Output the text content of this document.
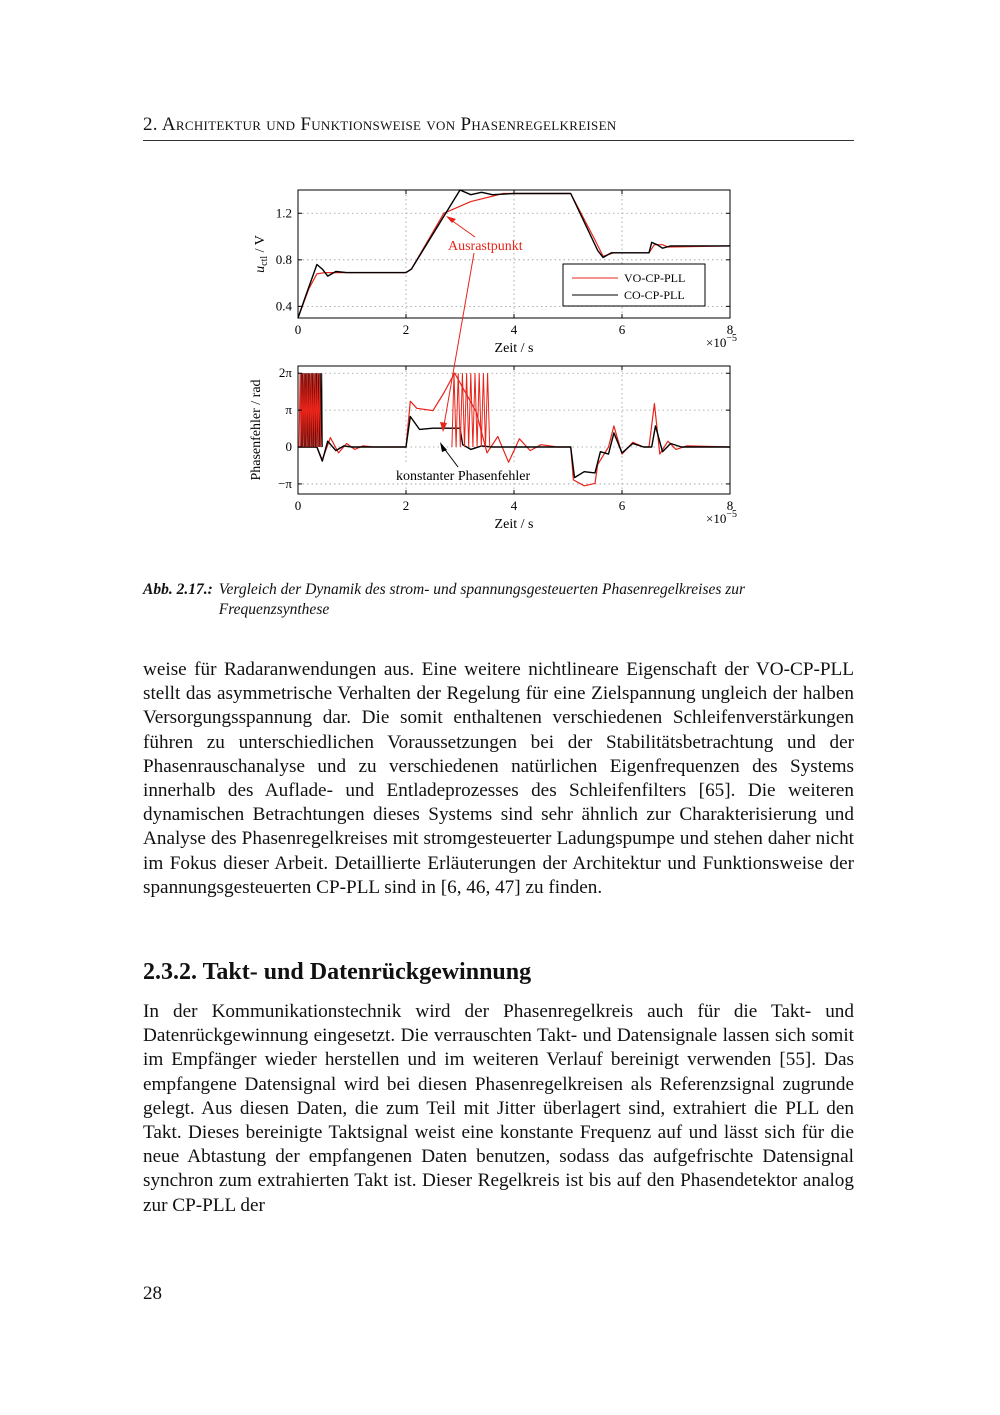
2. Architektur und Funktionsweise von Phasenregelkreisen
0	2	4	6	8
0.4
0.8
1.2
$u_{ctl}$ / V
Zeit / s	$\times 10^{-5}$
VO-CP-PLL
CO-CP-PLL
Ausrastpunkt
0	2	4	6	8
−π
0
π
2π
Phasenfehler / rad
Zeit / s	$\times 10^{-5}$
konstanter Phasenfehler
Abb. 2.17.: Vergleich der Dynamik des strom- und spannungsgesteuerten Phasenregelkreises zur Frequenzsynthese

weise für Radaranwendungen aus. Eine weitere nichtlineare Eigenschaft der VO-CP-PLL stellt das asymmetrische Verhalten der Regelung für eine Zielspannung ungleich der halben Versorgungsspannung dar. Die somit enthaltenen verschiedenen Schleifenverstärkungen führen zu unterschiedlichen Voraussetzungen bei der Stabilitätsbetrachtung und der Phasenrauschanalyse und zu verschiedenen natürlichen Eigenfrequenzen des Systems innerhalb des Auflade- und Entladeprozesses des Schleifenfilters [65]. Die weiteren dynamischen Betrachtungen dieses Systems sind sehr ähnlich zur Charakterisierung und Analyse des Phasenregelkreises mit stromgesteuerter Ladungspumpe und stehen daher nicht im Fokus dieser Arbeit. Detaillierte Erläuterungen der Architektur und Funktionsweise der spannungsgesteuerten CP-PLL sind in [6, 46, 47] zu finden.

2.3.2. Takt- und Datenrückgewinnung

In der Kommunikationstechnik wird der Phasenregelkreis auch für die Takt- und Datenrückgewinnung eingesetzt. Die verrauschten Takt- und Datensignale lassen sich somit im Empfänger wieder herstellen und im weiteren Verlauf bereinigt verwenden [55]. Das empfangene Datensignal wird bei diesen Phasenregelkreisen als Referenzsignal zugrunde gelegt. Aus diesen Daten, die zum Teil mit Jitter überlagert sind, extrahiert die PLL den Takt. Dieses bereinigte Taktsignal weist eine konstante Frequenz auf und lässt sich für die neue Abtastung der empfangenen Daten benutzen, sodass das aufgefrischte Datensignal synchron zum extrahierten Takt ist. Dieser Regelkreis ist bis auf den Phasendetektor analog zur CP-PLL der

28
